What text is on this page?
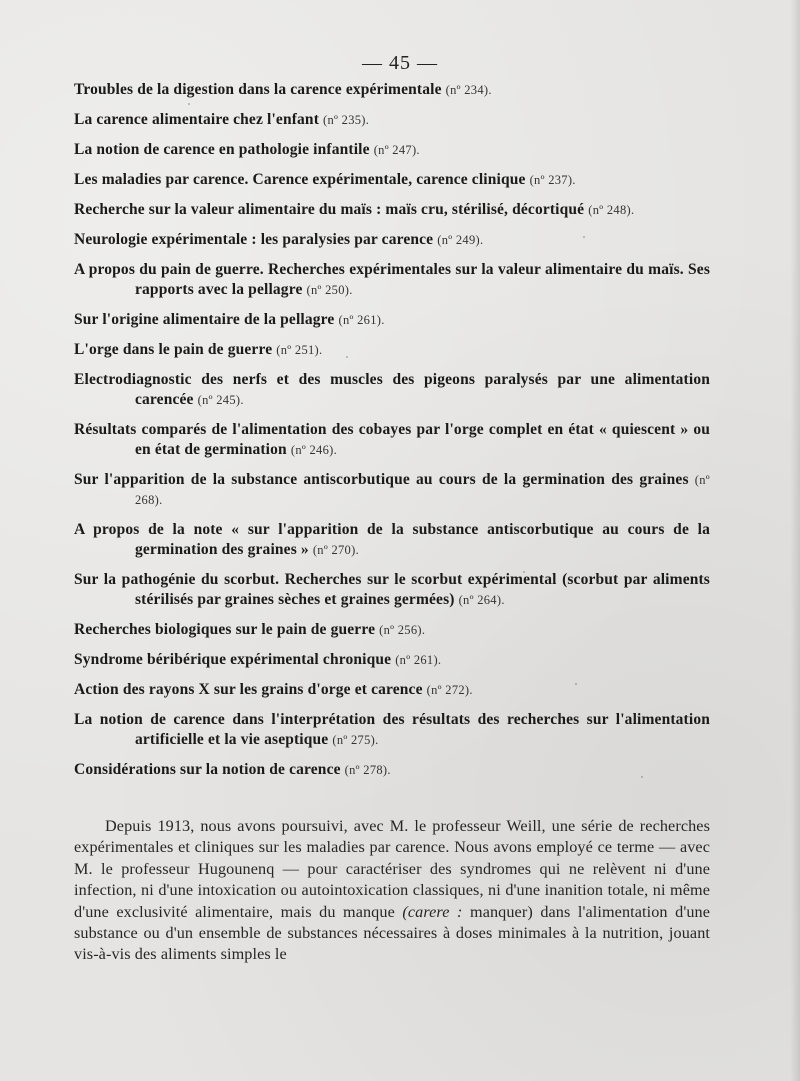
— 45 —
Troubles de la digestion dans la carence expérimentale (nº 234).
La carence alimentaire chez l'enfant (nº 235).
La notion de carence en pathologie infantile (nº 247).
Les maladies par carence. Carence expérimentale, carence clinique (nº 237).
Recherche sur la valeur alimentaire du maïs : maïs cru, stérilisé, décortiqué (nº 248).
Neurologie expérimentale : les paralysies par carence (nº 249).
A propos du pain de guerre. Recherches expérimentales sur la valeur alimentaire du maïs. Ses rapports avec la pellagre (nº 250).
Sur l'origine alimentaire de la pellagre (nº 261).
L'orge dans le pain de guerre (nº 251).
Electrodiagnostic des nerfs et des muscles des pigeons paralysés par une alimentation carencée (nº 245).
Résultats comparés de l'alimentation des cobayes par l'orge complet en état « quiescent » ou en état de germination (nº 246).
Sur l'apparition de la substance antiscorbutique au cours de la germination des graines (nº 268).
A propos de la note « sur l'apparition de la substance antiscorbutique au cours de la germination des graines » (nº 270).
Sur la pathogénie du scorbut. Recherches sur le scorbut expérimental (scorbut par aliments stérilisés par graines sèches et graines germées) (nº 264).
Recherches biologiques sur le pain de guerre (nº 256).
Syndrome béribérique expérimental chronique (nº 261).
Action des rayons X sur les grains d'orge et carence (nº 272).
La notion de carence dans l'interprétation des résultats des recherches sur l'alimentation artificielle et la vie aseptique (nº 275).
Considérations sur la notion de carence (nº 278).

Depuis 1913, nous avons poursuivi, avec M. le professeur Weill, une série de recherches expérimentales et cliniques sur les maladies par carence. Nous avons employé ce terme — avec M. le professeur Hugounenq — pour caractériser des syndromes qui ne relèvent ni d'une infection, ni d'une intoxication ou autointoxication classiques, ni d'une inanition totale, ni même d'une exclusivité alimentaire, mais du manque (carere : manquer) dans l'alimentation d'une substance ou d'un ensemble de substances nécessaires à doses minimales à la nutrition, jouant vis-à-vis des aliments simples le
